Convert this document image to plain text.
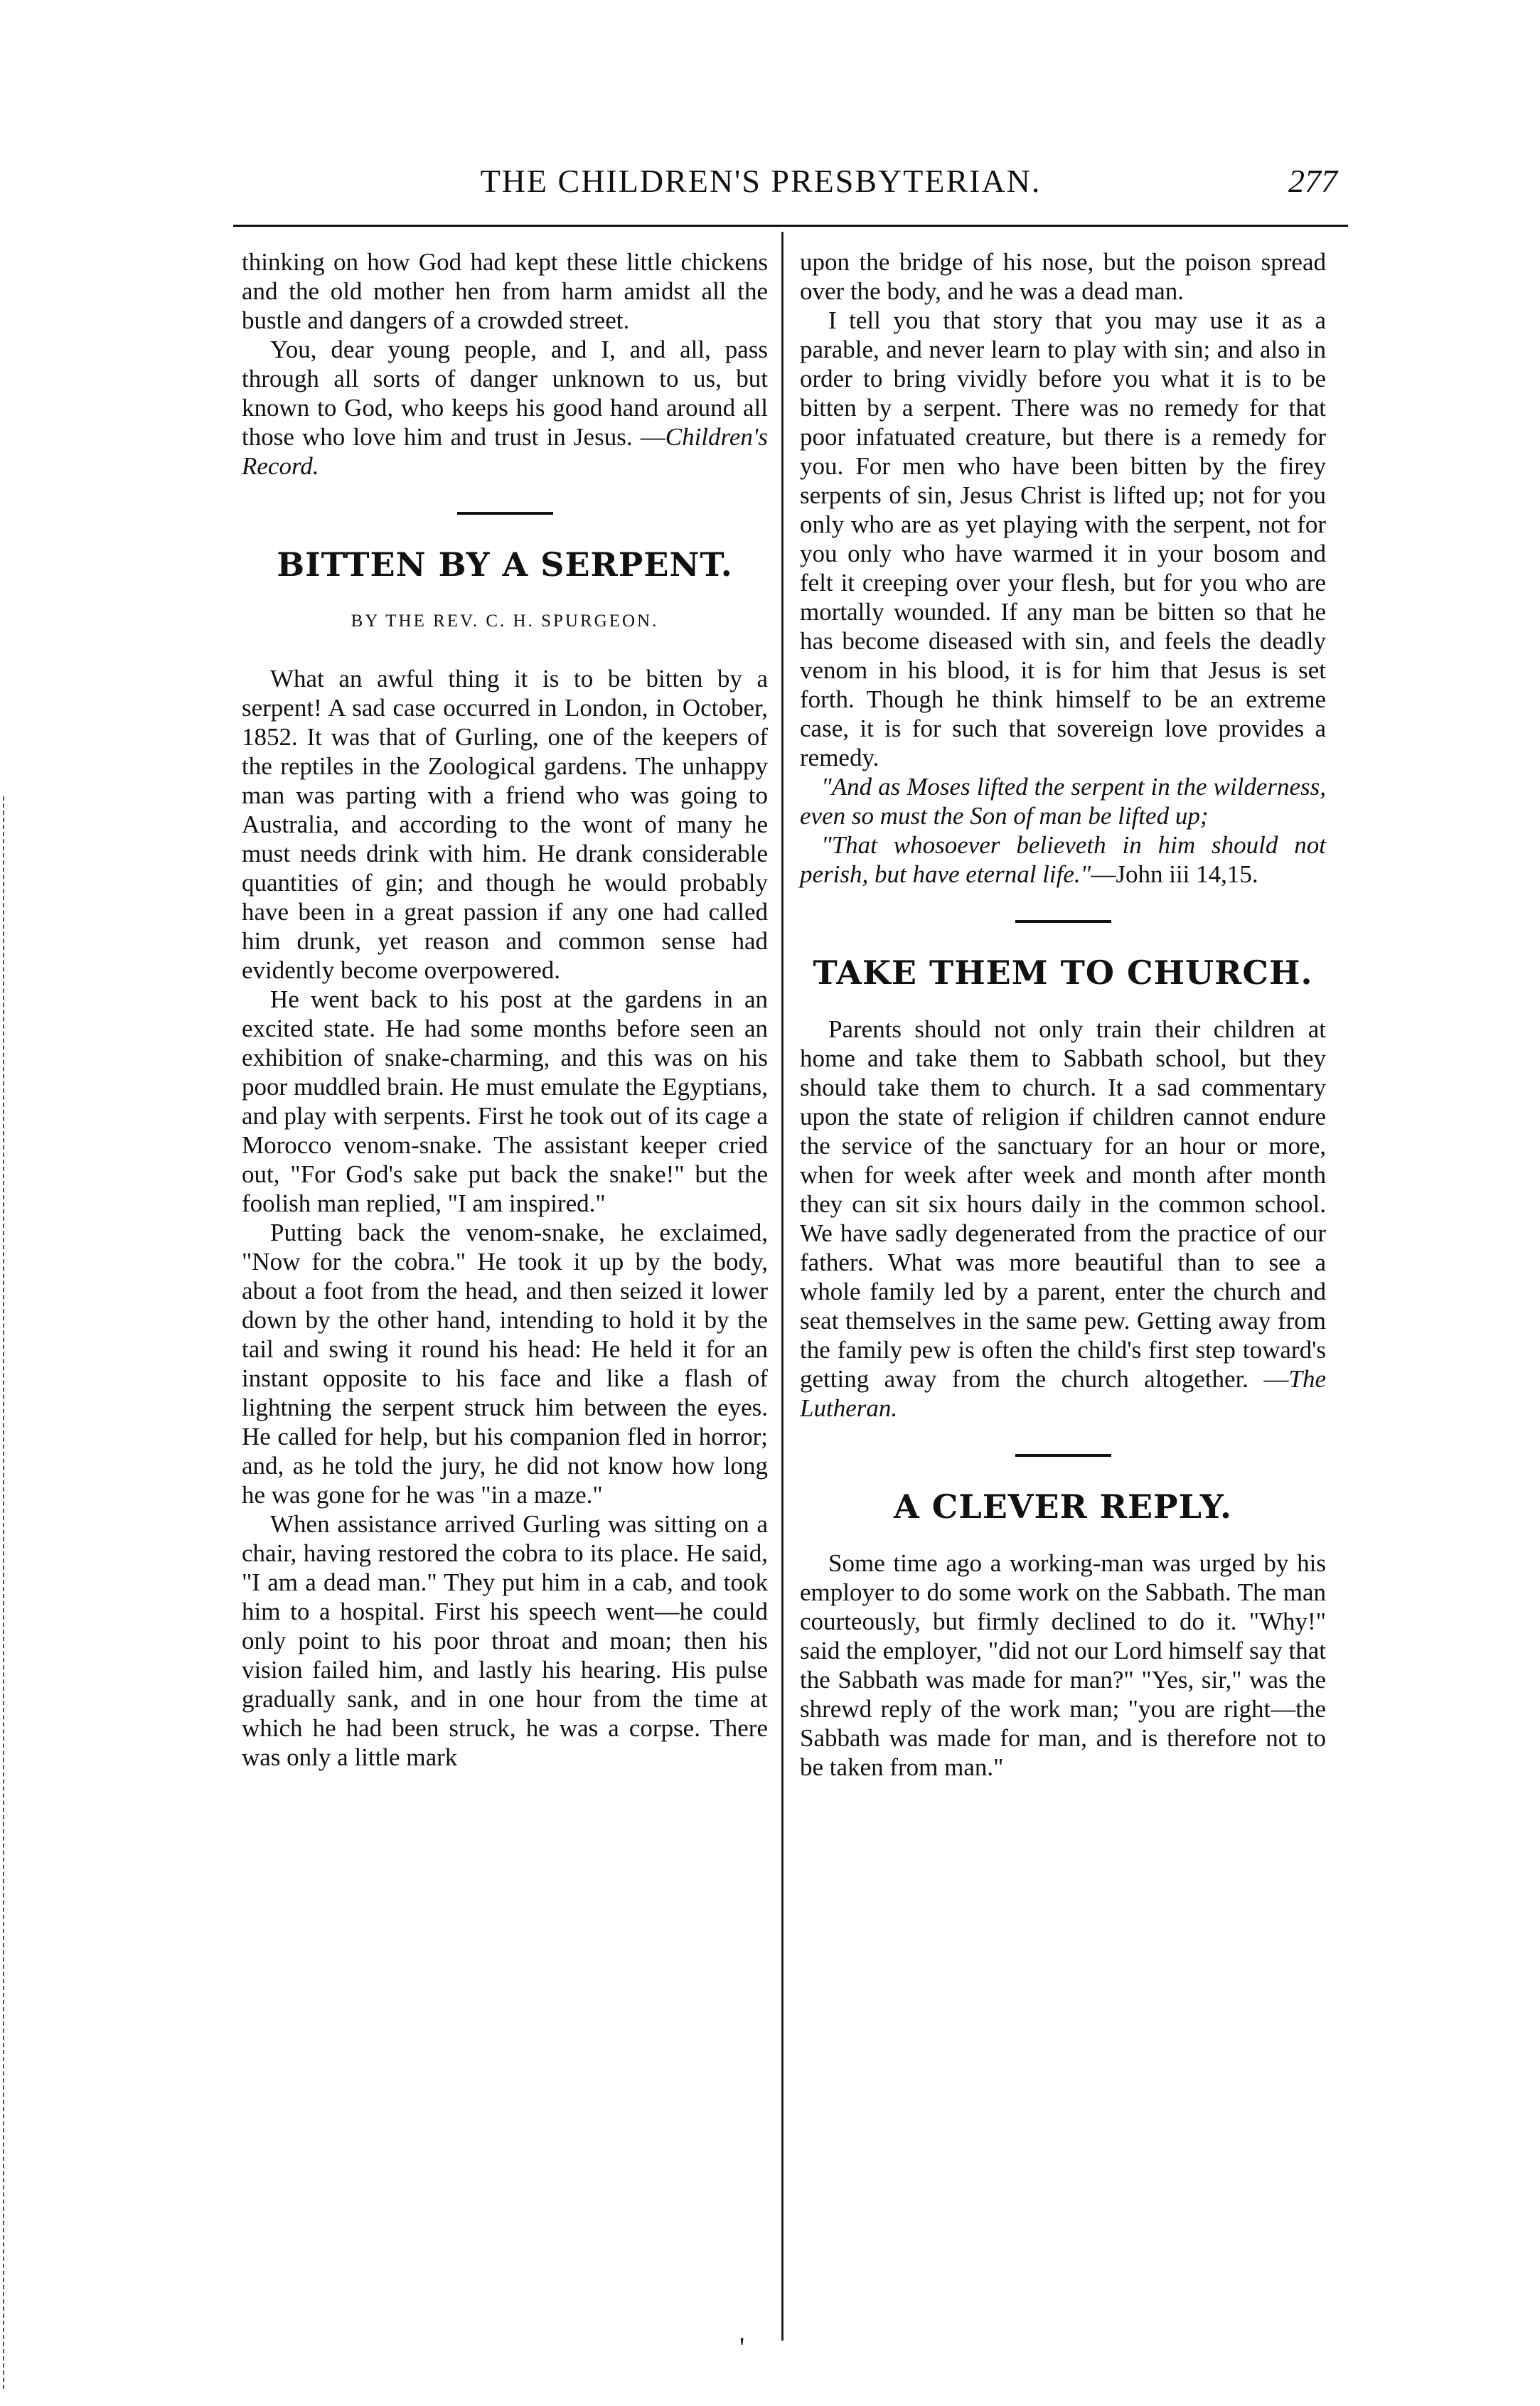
THE CHILDREN'S PRESBYTERIAN.	277

thinking on how God had kept these little chickens and the old mother hen from harm amidst all the bustle and dangers of a crowded street.

You, dear young people, and I, and all, pass through all sorts of danger unknown to us, but known to God, who keeps his good hand around all those who love him and trust in Jesus. —Children's Record.

BITTEN BY A SERPENT.
BY THE REV. C. H. SPURGEON.

What an awful thing it is to be bitten by a serpent! A sad case occurred in London, in October, 1852. It was that of Gurling, one of the keepers of the reptiles in the Zoological gardens. The unhappy man was parting with a friend who was going to Australia, and according to the wont of many he must needs drink with him. He drank considerable quantities of gin; and though he would probably have been in a great passion if any one had called him drunk, yet reason and common sense had evidently become overpowered.

He went back to his post at the gardens in an excited state. He had some months before seen an exhibition of snake-charming, and this was on his poor muddled brain. He must emulate the Egyptians, and play with serpents. First he took out of its cage a Morocco venom-snake. The assistant keeper cried out, "For God's sake put back the snake!" but the foolish man replied, "I am inspired."

Putting back the venom-snake, he exclaimed, "Now for the cobra." He took it up by the body, about a foot from the head, and then seized it lower down by the other hand, intending to hold it by the tail and swing it round his head: He held it for an instant opposite to his face and like a flash of lightning the serpent struck him between the eyes. He called for help, but his companion fled in horror; and, as he told the jury, he did not know how long he was gone for he was "in a maze."

When assistance arrived Gurling was sitting on a chair, having restored the cobra to its place. He said, "I am a dead man." They put him in a cab, and took him to a hospital. First his speech went—he could only point to his poor throat and moan; then his vision failed him, and lastly his hearing. His pulse gradually sank, and in one hour from the time at which he had been struck, he was a corpse. There was only a little mark

upon the bridge of his nose, but the poison spread over the body, and he was a dead man.

I tell you that story that you may use it as a parable, and never learn to play with sin; and also in order to bring vividly before you what it is to be bitten by a serpent. There was no remedy for that poor infatuated creature, but there is a remedy for you. For men who have been bitten by the firey serpents of sin, Jesus Christ is lifted up; not for you only who are as yet playing with the serpent, not for you only who have warmed it in your bosom and felt it creeping over your flesh, but for you who are mortally wounded. If any man be bitten so that he has become diseased with sin, and feels the deadly venom in his blood, it is for him that Jesus is set forth. Though he think himself to be an extreme case, it is for such that sovereign love provides a remedy.

"And as Moses lifted the serpent in the wilderness, even so must the Son of man be lifted up;

"That whosoever believeth in him should not perish, but have eternal life."—John iii 14,15.

TAKE THEM TO CHURCH.

Parents should not only train their children at home and take them to Sabbath school, but they should take them to church. It a sad commentary upon the state of religion if children cannot endure the service of the sanctuary for an hour or more, when for week after week and month after month they can sit six hours daily in the common school. We have sadly degenerated from the practice of our fathers. What was more beautiful than to see a whole family led by a parent, enter the church and seat themselves in the same pew. Getting away from the family pew is often the child's first step toward's getting away from the church altogether. —The Lutheran.

A CLEVER REPLY.

Some time ago a working-man was urged by his employer to do some work on the Sabbath. The man courteously, but firmly declined to do it. "Why!" said the employer, "did not our Lord himself say that the Sabbath was made for man?" "Yes, sir," was the shrewd reply of the work man; "you are right—the Sabbath was made for man, and is therefore not to be taken from man."

'
